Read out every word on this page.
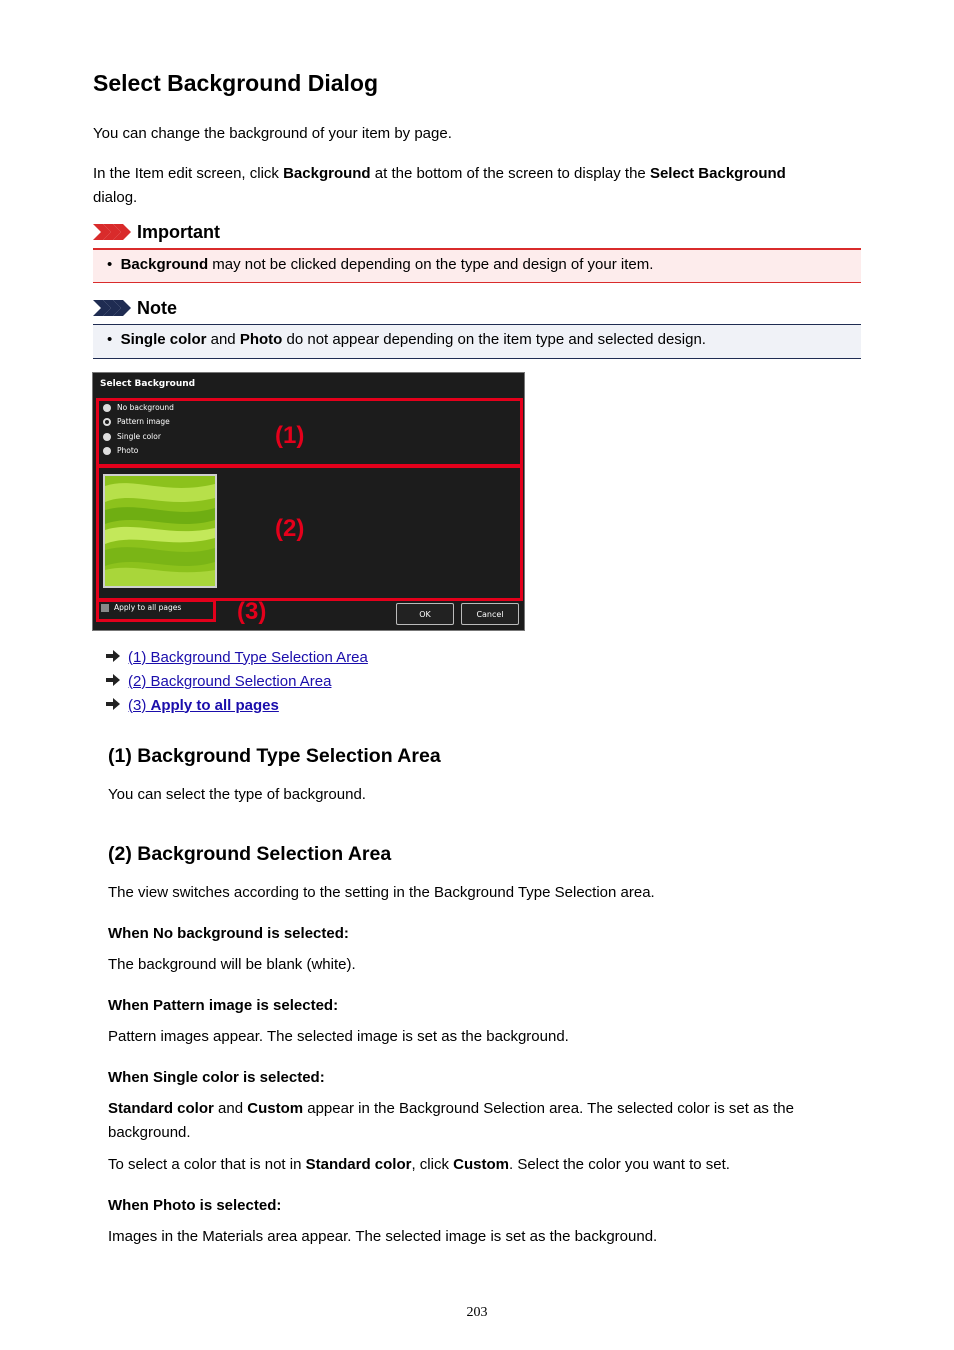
Select Background Dialog

You can change the background of your item by page.

In the Item edit screen, click Background at the bottom of the screen to display the Select Background
dialog.

Important
•  Background may not be clicked depending on the type and design of your item.
Note
•  Single color and Photo do not appear depending on the item type and selected design.
Select Background
No background
Pattern image
Single color
Photo
(1)
(2)
(3)
Apply to all pages
OK	Cancel
(1) Background Type Selection Area
(2) Background Selection Area
(3) Apply to all pages
(1) Background Type Selection Area

You can select the type of background.

(2) Background Selection Area

The view switches according to the setting in the Background Type Selection area.

When No background is selected:

The background will be blank (white).

When Pattern image is selected:

Pattern images appear. The selected image is set as the background.

When Single color is selected:

Standard color and Custom appear in the Background Selection area. The selected color is set as the
background.

To select a color that is not in Standard color, click Custom. Select the color you want to set.

When Photo is selected:

Images in the Materials area appear. The selected image is set as the background.

203
